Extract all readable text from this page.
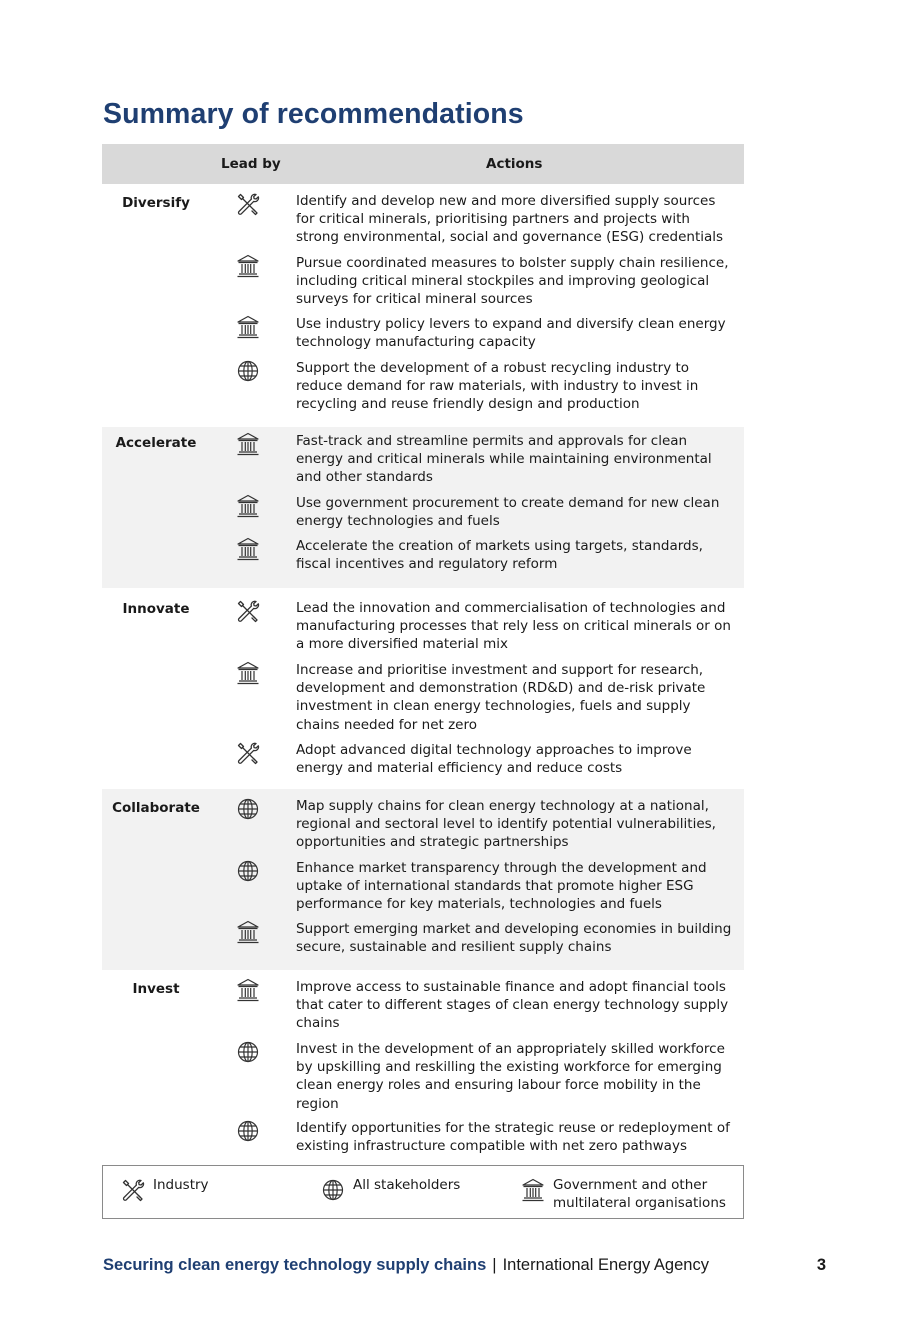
Summary of recommendations
Lead by	Actions
Diversify	Identify and develop new and more diversified supply sources for critical minerals, prioritising partners and projects with strong environmental, social and governance (ESG) credentials
Pursue coordinated measures to bolster supply chain resilience, including critical mineral stockpiles and improving geological surveys for critical mineral sources
Use industry policy levers to expand and diversify clean energy technology manufacturing capacity
Support the development of a robust recycling industry to reduce demand for raw materials, with industry to invest in recycling and reuse friendly design and production
Accelerate	Fast-track and streamline permits and approvals for clean energy and critical minerals while maintaining environmental and other standards
Use government procurement to create demand for new clean energy technologies and fuels
Accelerate the creation of markets using targets, standards, fiscal incentives and regulatory reform
Innovate	Lead the innovation and commercialisation of technologies and manufacturing processes that rely less on critical minerals or on a more diversified material mix
Increase and prioritise investment and support for research, development and demonstration (RD&D) and de-risk private investment in clean energy technologies, fuels and supply chains needed for net zero
Adopt advanced digital technology approaches to improve energy and material efficiency and reduce costs
Collaborate	Map supply chains for clean energy technology at a national, regional and sectoral level to identify potential vulnerabilities, opportunities and strategic partnerships
Enhance market transparency through the development and uptake of international standards that promote higher ESG performance for key materials, technologies and fuels
Support emerging market and developing economies in building secure, sustainable and resilient supply chains
Invest	Improve access to sustainable finance and adopt financial tools that cater to different stages of clean energy technology supply chains
Invest in the development of an appropriately skilled workforce by upskilling and reskilling the existing workforce for emerging clean energy roles and ensuring labour force mobility in the region
Identify opportunities for the strategic reuse or redeployment of existing infrastructure compatible with net zero pathways
Industry	All stakeholders	Government and other multilateral organisations
Securing clean energy technology supply chains | International Energy Agency	3
